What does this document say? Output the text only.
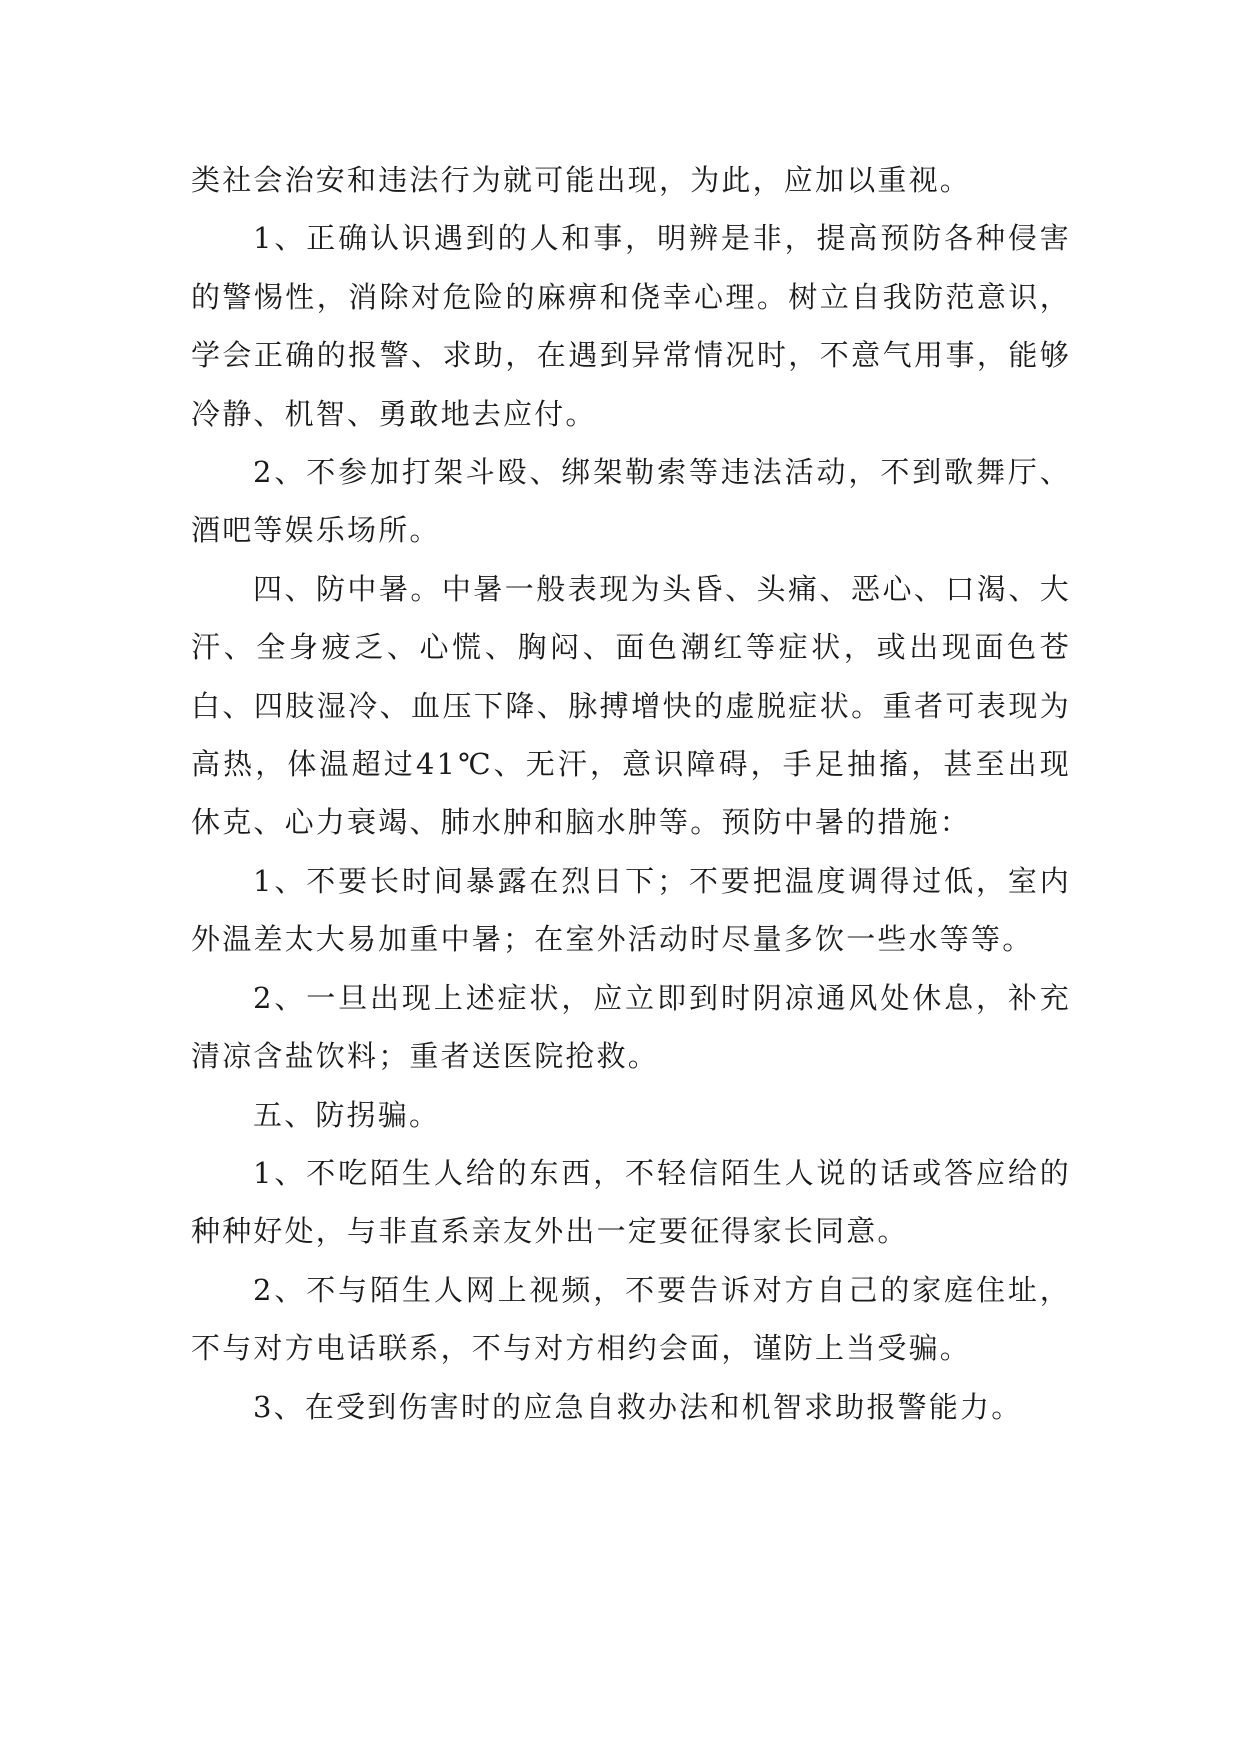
类社会治安和违法行为就可能出现，为此，应加以重视。

1、正确认识遇到的人和事，明辨是非，提高预防各种侵害的警惕性，消除对危险的麻痹和侥幸心理。树立自我防范意识，学会正确的报警、求助，在遇到异常情况时，不意气用事，能够冷静、机智、勇敢地去应付。

2、不参加打架斗殴、绑架勒索等违法活动，不到歌舞厅、酒吧等娱乐场所。

四、防中暑。中暑一般表现为头昏、头痛、恶心、口渴、大汗、全身疲乏、心慌、胸闷、面色潮红等症状，或出现面色苍白、四肢湿冷、血压下降、脉搏增快的虚脱症状。重者可表现为高热，体温超过41℃、无汗，意识障碍，手足抽搐，甚至出现休克、心力衰竭、肺水肿和脑水肿等。预防中暑的措施：

1、不要长时间暴露在烈日下；不要把温度调得过低，室内外温差太大易加重中暑；在室外活动时尽量多饮一些水等等。

2、一旦出现上述症状，应立即到时阴凉通风处休息，补充清凉含盐饮料；重者送医院抢救。

五、防拐骗。

1、不吃陌生人给的东西，不轻信陌生人说的话或答应给的种种好处，与非直系亲友外出一定要征得家长同意。

2、不与陌生人网上视频，不要告诉对方自己的家庭住址，不与对方电话联系，不与对方相约会面，谨防上当受骗。

3、在受到伤害时的应急自救办法和机智求助报警能力。
